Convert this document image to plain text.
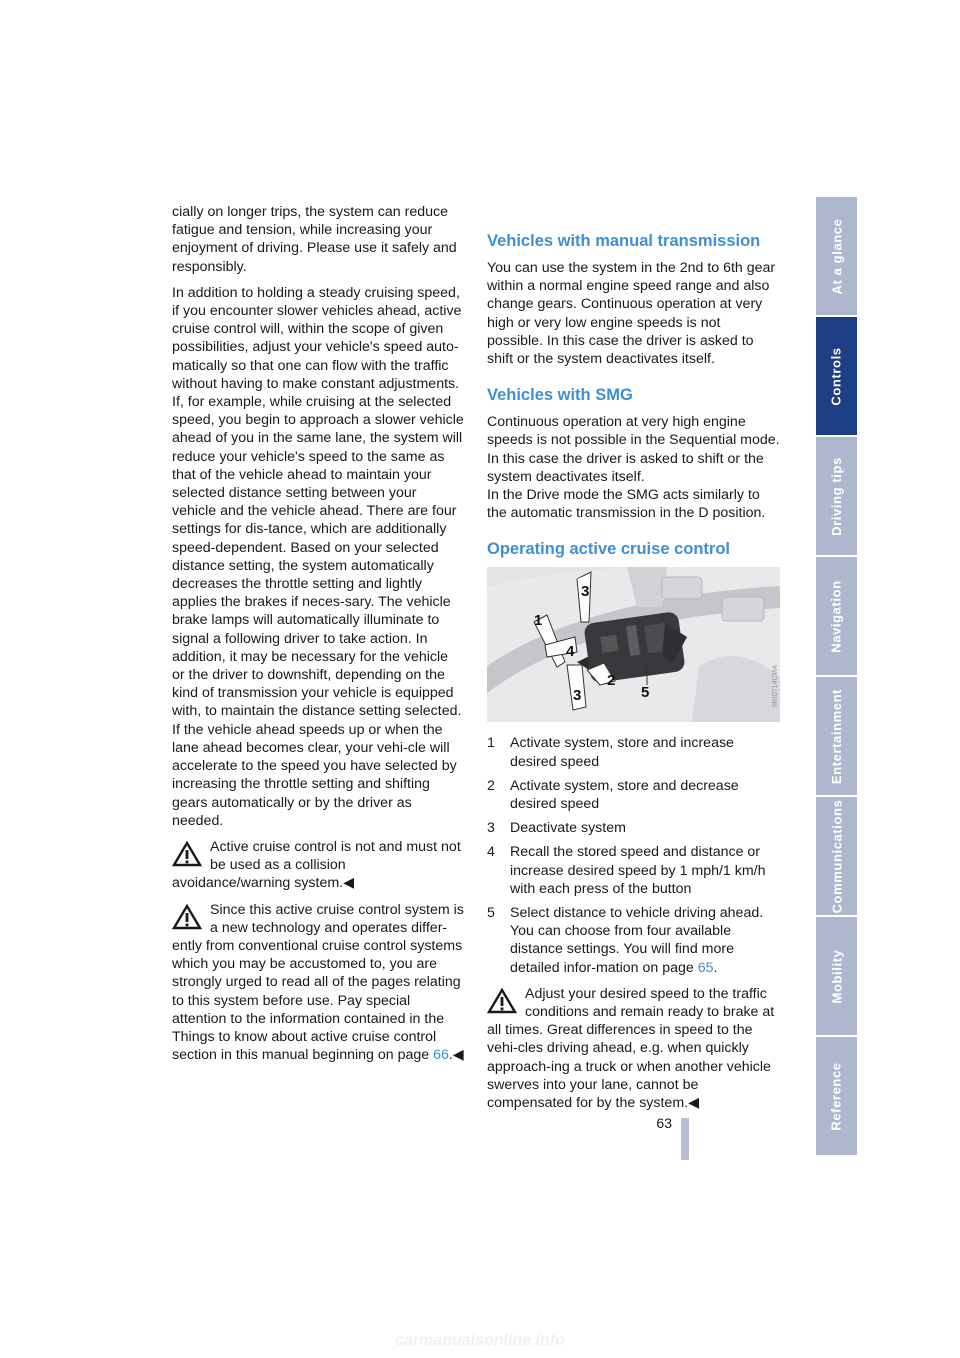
cially on longer trips, the system can reduce fatigue and tension, while increasing your enjoyment of driving. Please use it safely and responsibly.

In addition to holding a steady cruising speed, if you encounter slower vehicles ahead, active cruise control will, within the scope of given possibilities, adjust your vehicle's speed auto-matically so that one can flow with the traffic without having to make constant adjustments. If, for example, while cruising at the selected speed, you begin to approach a slower vehicle ahead of you in the same lane, the system will reduce your vehicle's speed to the same as that of the vehicle ahead to maintain your selected distance setting between your vehicle and the vehicle ahead. There are four settings for dis-tance, which are additionally speed-dependent. Based on your selected distance setting, the system automatically decreases the throttle setting and lightly applies the brakes if neces-sary. The vehicle brake lamps will automatically illuminate to signal a following driver to take action. In addition, it may be necessary for the vehicle or the driver to downshift, depending on the kind of transmission your vehicle is equipped with, to maintain the distance setting selected. If the vehicle ahead speeds up or when the lane ahead becomes clear, your vehi-cle will accelerate to the speed you have selected by increasing the throttle setting and shifting gears automatically or by the driver as needed.

Active cruise control is not and must not be used as a collision avoidance/warning system.◀
Since this active cruise control system is a new technology and operates differ-ently from conventional cruise control systems which you may be accustomed to, you are strongly urged to read all of the pages relating to this system before use. Pay special attention to the information contained in the Things to know about active cruise control section in this manual beginning on page 66.◀
Vehicles with manual transmission

You can use the system in the 2nd to 6th gear within a normal engine speed range and also change gears. Continuous operation at very high or very low engine speeds is not possible. In this case the driver is asked to shift or the system deactivates itself.

Vehicles with SMG

Continuous operation at very high engine speeds is not possible in the Sequential mode. In this case the driver is asked to shift or the system deactivates itself.

In the Drive mode the SMG acts similarly to the automatic transmission in the D position.

Operating active cruise control
3
1
4
2
3	5	MR0714CMA
1 Activate system, store and increase desired speed
2 Activate system, store and decrease desired speed
3 Deactivate system
4 Recall the stored speed and distance or increase desired speed by 1 mph/1 km/h with each press of the button
5 Select distance to vehicle driving ahead. You can choose from four available distance settings. You will find more detailed infor-mation on page 65.
Adjust your desired speed to the traffic conditions and remain ready to brake at all times. Great differences in speed to the vehi-cles driving ahead, e.g. when quickly approach-ing a truck or when another vehicle swerves into your lane, cannot be compensated for by the system.◀
At a glance
Controls
Driving tips
Navigation
Entertainment
Communications
Mobility
Reference
63
Online Edition for Part-No. 01 41 0 158 445 - © 09/04 BMW AG
carmanualsonline.info
